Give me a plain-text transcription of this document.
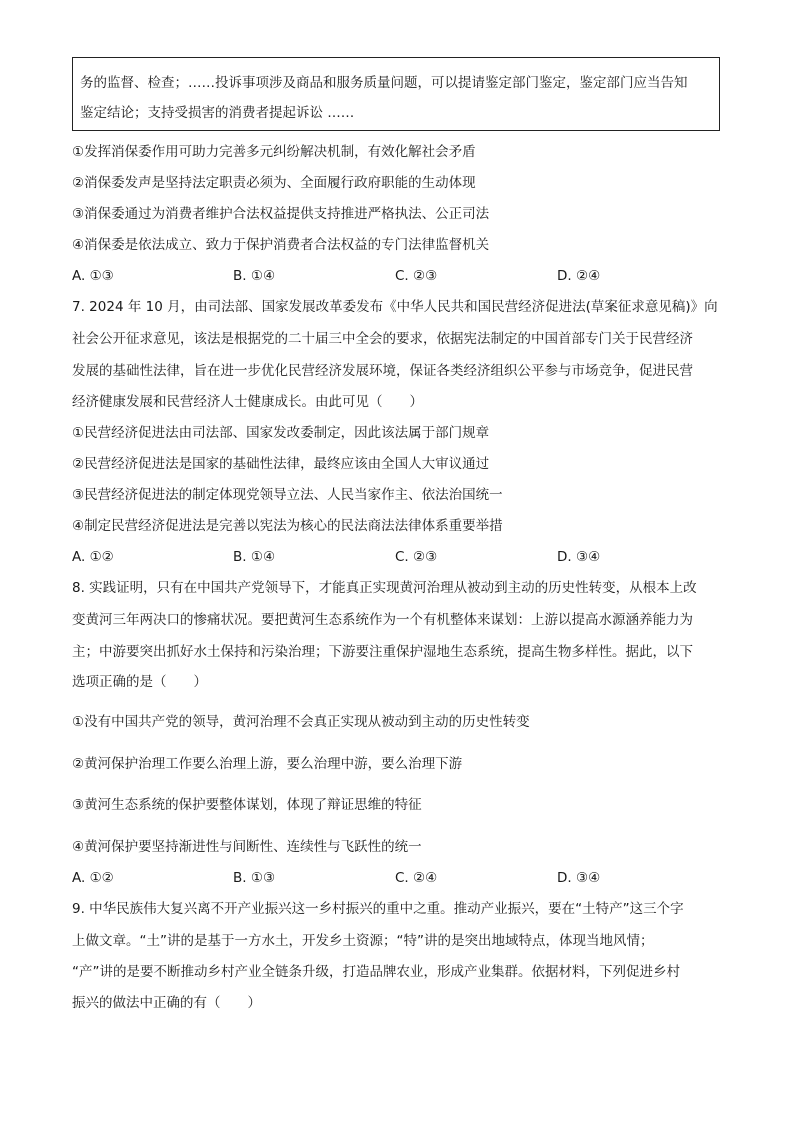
务的监督、检查；……投诉事项涉及商品和服务质量问题，可以提请鉴定部门鉴定，鉴定部门应当告知
鉴定结论；支持受损害的消费者提起诉讼 ……
①发挥消保委作用可助力完善多元纠纷解决机制，有效化解社会矛盾
②消保委发声是坚持法定职责必须为、全面履行政府职能的生动体现
③消保委通过为消费者维护合法权益提供支持推进严格执法、公正司法
④消保委是依法成立、致力于保护消费者合法权益的专门法律监督机关
A. ①③	B. ①④	C. ②③	D. ②④
7. 2024 年 10 月，由司法部、国家发展改革委发布《中华人民共和国民营经济促进法(草案征求意见稿)》向
社会公开征求意见，该法是根据党的二十届三中全会的要求，依据宪法制定的中国首部专门关于民营经济
发展的基础性法律，旨在进一步优化民营经济发展环境，保证各类经济组织公平参与市场竞争，促进民营
经济健康发展和民营经济人士健康成长。由此可见（　　）
①民营经济促进法由司法部、国家发改委制定，因此该法属于部门规章
②民营经济促进法是国家的基础性法律，最终应该由全国人大审议通过
③民营经济促进法的制定体现党领导立法、人民当家作主、依法治国统一
④制定民营经济促进法是完善以宪法为核心的民法商法法律体系重要举措
A. ①②	B. ①④	C. ②③	D. ③④
8. 实践证明，只有在中国共产党领导下，才能真正实现黄河治理从被动到主动的历史性转变，从根本上改
变黄河三年两决口的惨痛状况。要把黄河生态系统作为一个有机整体来谋划：上游以提高水源涵养能力为
主；中游要突出抓好水土保持和污染治理；下游要注重保护湿地生态系统，提高生物多样性。据此，以下
选项正确的是（　　）
①没有中国共产党的领导，黄河治理不会真正实现从被动到主动的历史性转变
②黄河保护治理工作要么治理上游，要么治理中游，要么治理下游
③黄河生态系统的保护要整体谋划，体现了辩证思维的特征
④黄河保护要坚持渐进性与间断性、连续性与飞跃性的统一
A. ①②	B. ①③	C. ②④	D. ③④
9. 中华民族伟大复兴离不开产业振兴这一乡村振兴的重中之重。推动产业振兴，要在“土特产”这三个字
上做文章。“土”讲的是基于一方水土，开发乡土资源；“特”讲的是突出地域特点，体现当地风情；
“产”讲的是要不断推动乡村产业全链条升级，打造品牌农业，形成产业集群。依据材料，下列促进乡村
振兴的做法中正确的有（　　）
